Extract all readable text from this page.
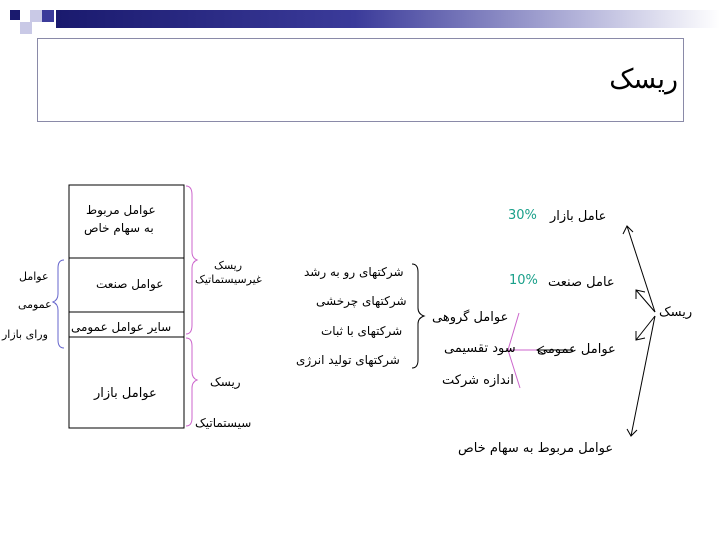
ریسک
عوامل مربوط
به سهام خاص
عوامل صنعت
سایر عوامل عمومی
عوامل بازار
عوامل
عمومی
ورای بازار
ریسک
غیرسیستماتیک
ریسک
سیستماتیک
شرکتهای رو به رشد
شرکتهای چرخشی
شرکتهای با ثبات
شرکتهای تولید انرژی
عوامل گروهی
سود تقسیمی
اندازه شرکت
ریسک
عامل بازار
30%
عامل صنعت
10%
عوامل عمومی
عوامل مربوط به سهام خاص
